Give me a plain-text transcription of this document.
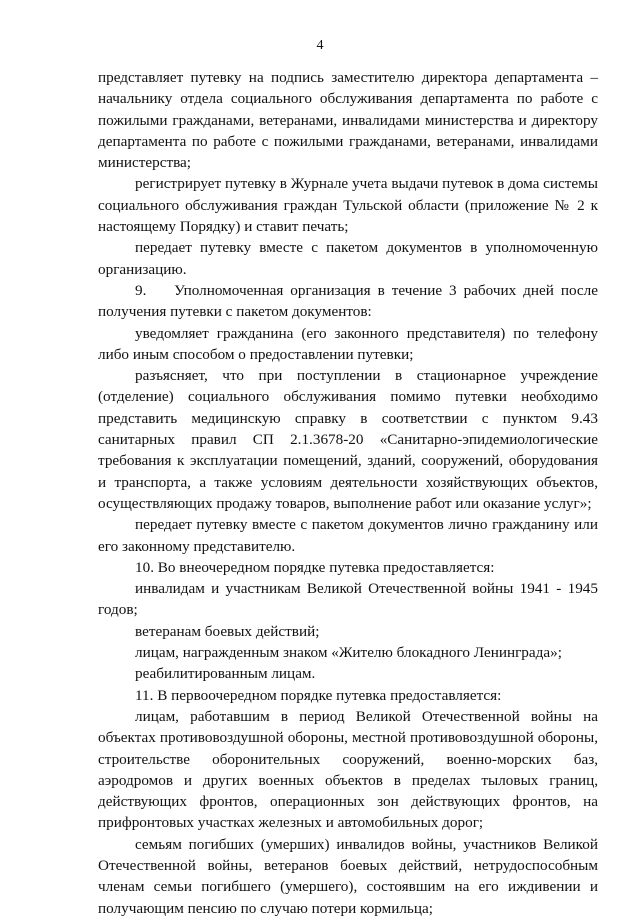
4

представляет путевку на подпись заместителю директора департамента – начальнику отдела социального обслуживания департамента по работе с пожилыми гражданами, ветеранами, инвалидами министерства и директору департамента по работе с пожилыми гражданами, ветеранами, инвалидами министерства;

регистрирует путевку в Журнале учета выдачи путевок в дома системы социального обслуживания граждан Тульской области (приложение № 2 к настоящему Порядку) и ставит печать;

передает путевку вместе с пакетом документов в уполномоченную организацию.

9.    Уполномоченная организация в течение 3 рабочих дней после получения путевки с пакетом документов:

уведомляет гражданина (его законного представителя) по телефону либо иным способом о предоставлении путевки;

разъясняет, что при поступлении в стационарное учреждение (отделение) социального обслуживания помимо путевки необходимо представить медицинскую справку в соответствии с пунктом 9.43 санитарных правил СП 2.1.3678-20 «Санитарно-эпидемиологические требования к эксплуатации помещений, зданий, сооружений, оборудования и транспорта, а также условиям деятельности хозяйствующих объектов, осуществляющих продажу товаров, выполнение работ или оказание услуг»;

передает путевку вместе с пакетом документов лично гражданину или его законному представителю.

10. Во внеочередном порядке путевка предоставляется:

инвалидам и участникам Великой Отечественной войны 1941 - 1945 годов;

ветеранам боевых действий;

лицам, награжденным знаком «Жителю блокадного Ленинграда»;

реабилитированным лицам.

11. В первоочередном порядке путевка предоставляется:

лицам, работавшим в период Великой Отечественной войны на объектах противовоздушной обороны, местной противовоздушной обороны, строительстве оборонительных сооружений, военно-морских баз, аэродромов и других военных объектов в пределах тыловых границ, действующих фронтов, операционных зон действующих фронтов, на прифронтовых участках железных и автомобильных дорог;

семьям погибших (умерших) инвалидов войны, участников Великой Отечественной войны, ветеранов боевых действий, нетрудоспособным членам семьи погибшего (умершего), состоявшим на его иждивении и получающим пенсию по случаю потери кормильца;
